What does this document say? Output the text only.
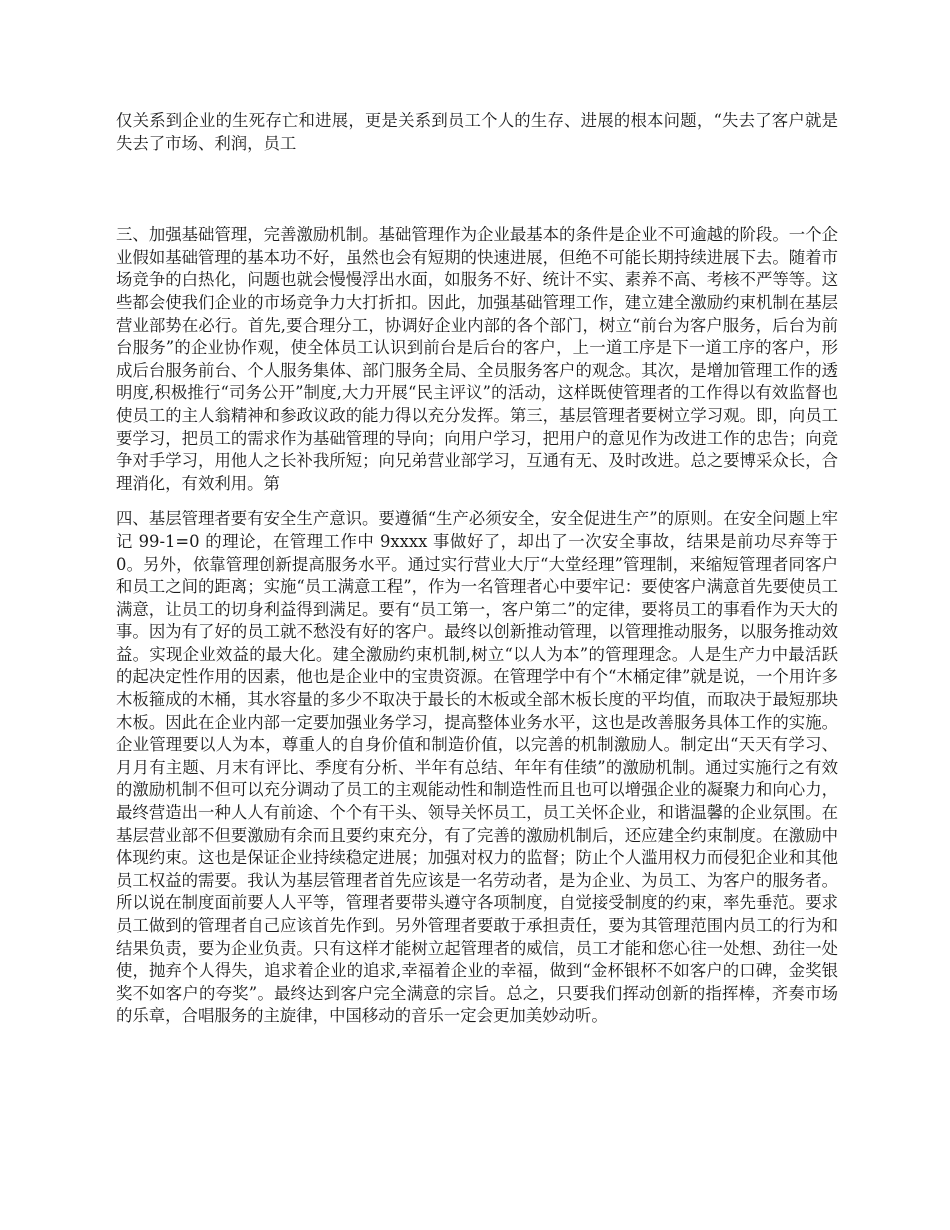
仅关系到企业的生死存亡和进展，更是关系到员工个人的生存、进展的根本问题，“失去了客户就是失去了市场、利润，员工

三、加强基础管理，完善激励机制。基础管理作为企业最基本的条件是企业不可逾越的阶段。一个企业假如基础管理的基本功不好，虽然也会有短期的快速进展，但绝不可能长期持续进展下去。随着市场竞争的白热化，问题也就会慢慢浮出水面，如服务不好、统计不实、素养不高、考核不严等等。这些都会使我们企业的市场竞争力大打折扣。因此，加强基础管理工作，建立建全激励约束机制在基层营业部势在必行。首先,要合理分工，协调好企业内部的各个部门，树立“前台为客户服务，后台为前台服务”的企业协作观，使全体员工认识到前台是后台的客户，上一道工序是下一道工序的客户，形成后台服务前台、个人服务集体、部门服务全局、全员服务客户的观念。其次，是增加管理工作的透明度,积极推行“司务公开”制度,大力开展“民主评议”的活动，这样既使管理者的工作得以有效监督也使员工的主人翁精神和参政议政的能力得以充分发挥。第三，基层管理者要树立学习观。即，向员工要学习，把员工的需求作为基础管理的导向；向用户学习，把用户的意见作为改进工作的忠告；向竞争对手学习，用他人之长补我所短；向兄弟营业部学习，互通有无、及时改进。总之要博采众长，合理消化，有效利用。第

四、基层管理者要有安全生产意识。要遵循“生产必须安全，安全促进生产”的原则。在安全问题上牢记 99-1=0 的理论，在管理工作中 9xxxx 事做好了，却出了一次安全事故，结果是前功尽弃等于 0。另外，依靠管理创新提高服务水平。通过实行营业大厅“大堂经理”管理制，来缩短管理者同客户和员工之间的距离；实施“员工满意工程”，作为一名管理者心中要牢记：要使客户满意首先要使员工满意，让员工的切身利益得到满足。要有“员工第一，客户第二”的定律，要将员工的事看作为天大的事。因为有了好的员工就不愁没有好的客户。最终以创新推动管理，以管理推动服务，以服务推动效益。实现企业效益的最大化。建全激励约束机制,树立“以人为本”的管理理念。人是生产力中最活跃的起决定性作用的因素，他也是企业中的宝贵资源。在管理学中有个“木桶定律”就是说，一个用许多木板箍成的木桶，其水容量的多少不取决于最长的木板或全部木板长度的平均值，而取决于最短那块木板。因此在企业内部一定要加强业务学习，提高整体业务水平，这也是改善服务具体工作的实施。企业管理要以人为本，尊重人的自身价值和制造价值，以完善的机制激励人。制定出“天天有学习、月月有主题、月末有评比、季度有分析、半年有总结、年年有佳绩”的激励机制。通过实施行之有效的激励机制不但可以充分调动了员工的主观能动性和制造性而且也可以增强企业的凝聚力和向心力，最终营造出一种人人有前途、个个有干头、领导关怀员工，员工关怀企业，和谐温馨的企业氛围。在基层营业部不但要激励有余而且要约束充分，有了完善的激励机制后，还应建全约束制度。在激励中体现约束。这也是保证企业持续稳定进展；加强对权力的监督；防止个人滥用权力而侵犯企业和其他员工权益的需要。我认为基层管理者首先应该是一名劳动者，是为企业、为员工、为客户的服务者。所以说在制度面前要人人平等，管理者要带头遵守各项制度，自觉接受制度的约束，率先垂范。要求员工做到的管理者自己应该首先作到。另外管理者要敢于承担责任，要为其管理范围内员工的行为和结果负责，要为企业负责。只有这样才能树立起管理者的威信，员工才能和您心往一处想、劲往一处使，抛弃个人得失，追求着企业的追求,幸福着企业的幸福，做到“金杯银杯不如客户的口碑，金奖银奖不如客户的夸奖”。最终达到客户完全满意的宗旨。总之，只要我们挥动创新的指挥棒，齐奏市场的乐章，合唱服务的主旋律，中国移动的音乐一定会更加美妙动听。
